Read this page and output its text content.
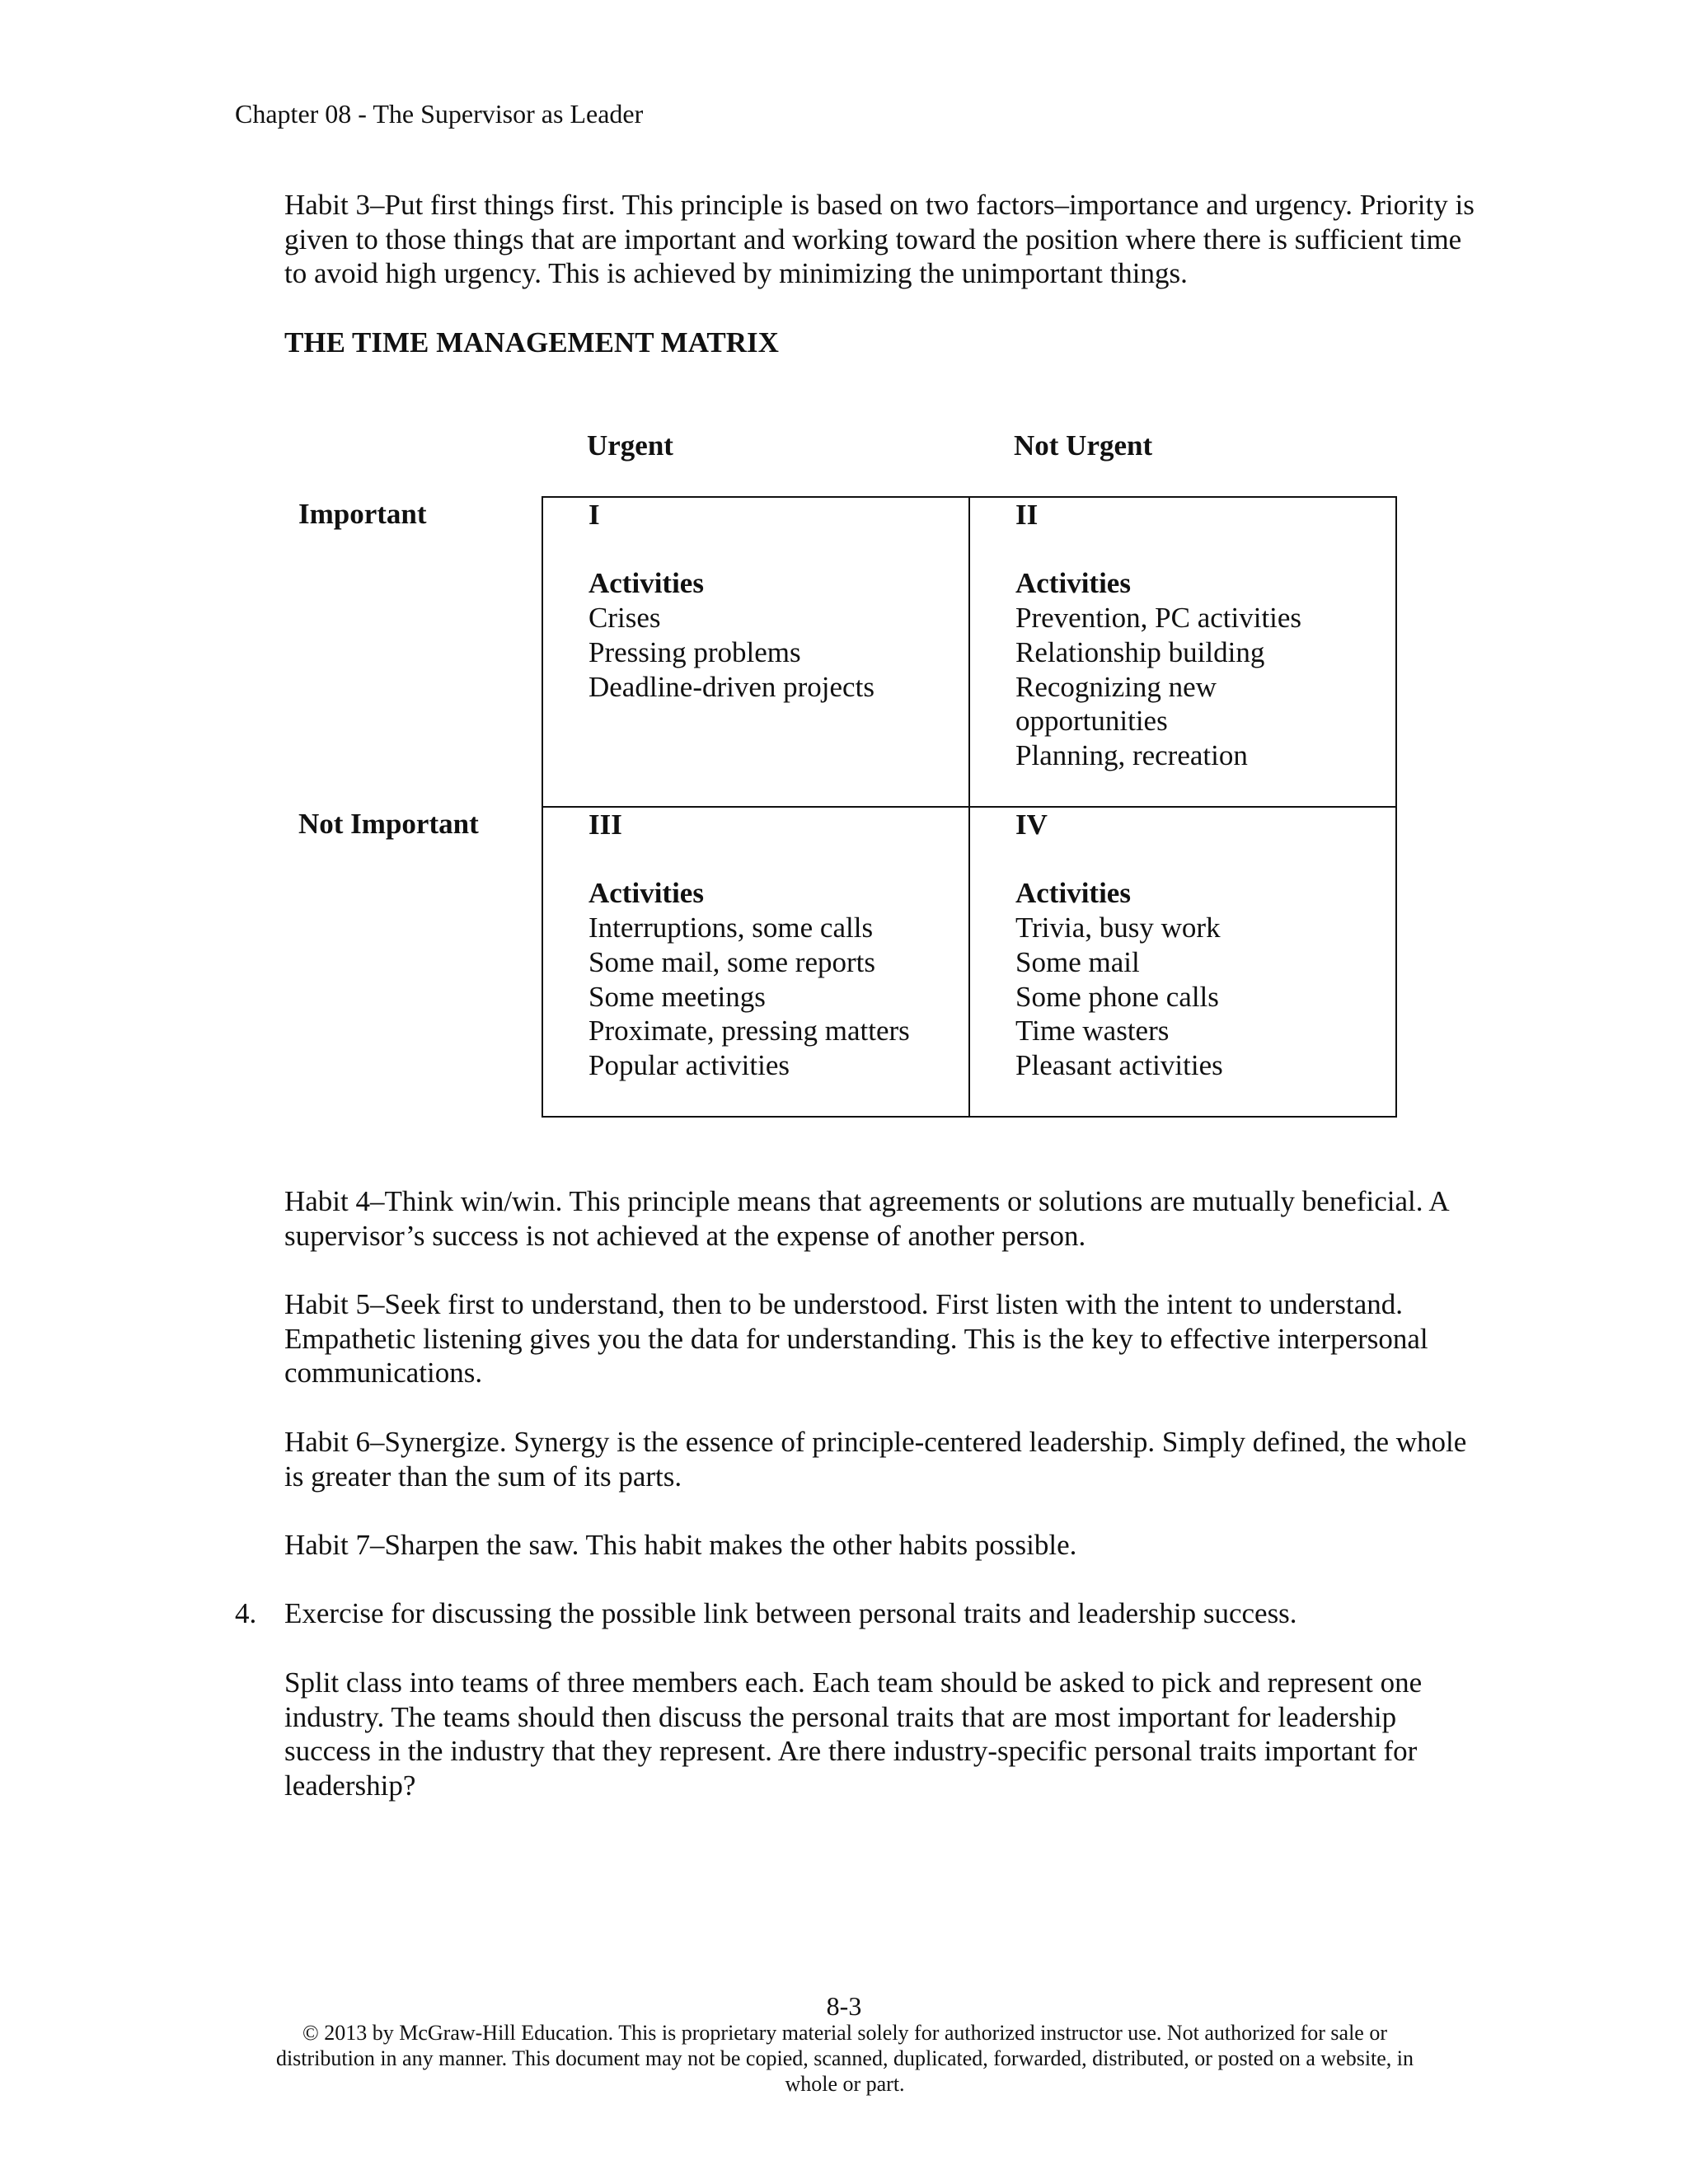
Chapter 08 - The Supervisor as Leader

Habit 3–Put first things first. This principle is based on two factors–importance and urgency. Priority is given to those things that are important and working toward the position where there is sufficient time to avoid high urgency. This is achieved by minimizing the unimportant things.

THE TIME MANAGEMENT MATRIX
Urgent	Not Urgent
Important
Not Important
I
Activities
Crises
Pressing problems
Deadline-driven projects
II
Activities
Prevention, PC activities
Relationship building
Recognizing new
opportunities
Planning, recreation
III
Activities
Interruptions, some calls
Some mail, some reports
Some meetings
Proximate, pressing matters
Popular activities
IV
Activities
Trivia, busy work
Some mail
Some phone calls
Time wasters
Pleasant activities

Habit 4–Think win/win. This principle means that agreements or solutions are mutually beneficial. A supervisor’s success is not achieved at the expense of another person.

Habit 5–Seek first to understand, then to be understood. First listen with the intent to understand. Empathetic listening gives you the data for understanding. This is the key to effective interpersonal communications.

Habit 6–Synergize. Synergy is the essence of principle-centered leadership. Simply defined, the whole is greater than the sum of its parts.

Habit 7–Sharpen the saw. This habit makes the other habits possible.

4. Exercise for discussing the possible link between personal traits and leadership success.

Split class into teams of three members each. Each team should be asked to pick and represent one industry. The teams should then discuss the personal traits that are most important for leadership success in the industry that they represent. Are there industry-specific personal traits important for leadership?

8-3
© 2013 by McGraw-Hill Education. This is proprietary material solely for authorized instructor use. Not authorized for sale or
distribution in any manner. This document may not be copied, scanned, duplicated, forwarded, distributed, or posted on a website, in
whole or part.
